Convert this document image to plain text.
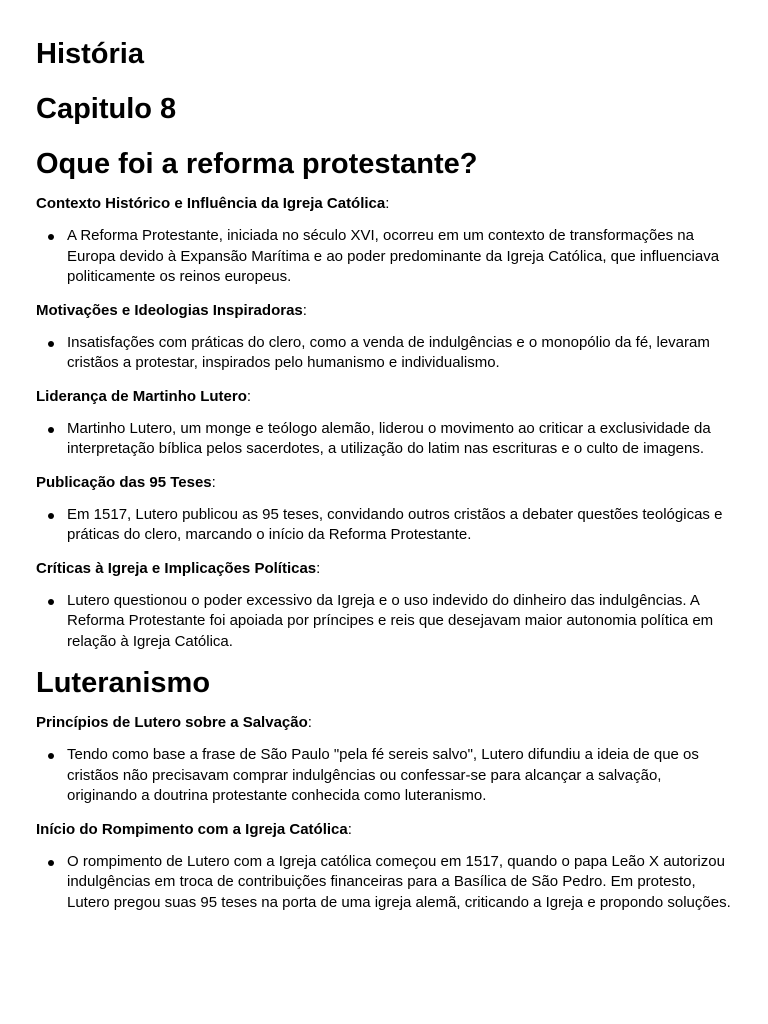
História
Capitulo 8
Oque foi a reforma protestante?

Contexto Histórico e Influência da Igreja Católica:

A Reforma Protestante, iniciada no século XVI, ocorreu em um contexto de transformações na Europa devido à Expansão Marítima e ao poder predominante da Igreja Católica, que influenciava politicamente os reinos europeus.

Motivações e Ideologias Inspiradoras:

Insatisfações com práticas do clero, como a venda de indulgências e o monopólio da fé, levaram cristãos a protestar, inspirados pelo humanismo e individualismo.

Liderança de Martinho Lutero:

Martinho Lutero, um monge e teólogo alemão, liderou o movimento ao criticar a exclusividade da interpretação bíblica pelos sacerdotes, a utilização do latim nas escrituras e o culto de imagens.

Publicação das 95 Teses:

Em 1517, Lutero publicou as 95 teses, convidando outros cristãos a debater questões teológicas e práticas do clero, marcando o início da Reforma Protestante.

Críticas à Igreja e Implicações Políticas:

Lutero questionou o poder excessivo da Igreja e o uso indevido do dinheiro das indulgências. A Reforma Protestante foi apoiada por príncipes e reis que desejavam maior autonomia política em relação à Igreja Católica.
Luteranismo

Princípios de Lutero sobre a Salvação:

Tendo como base a frase de São Paulo "pela fé sereis salvo", Lutero difundiu a ideia de que os cristãos não precisavam comprar indulgências ou confessar-se para alcançar a salvação, originando a doutrina protestante conhecida como luteranismo.

Início do Rompimento com a Igreja Católica:

O rompimento de Lutero com a Igreja católica começou em 1517, quando o papa Leão X autorizou indulgências em troca de contribuições financeiras para a Basílica de São Pedro. Em protesto, Lutero pregou suas 95 teses na porta de uma igreja alemã, criticando a Igreja e propondo soluções.
